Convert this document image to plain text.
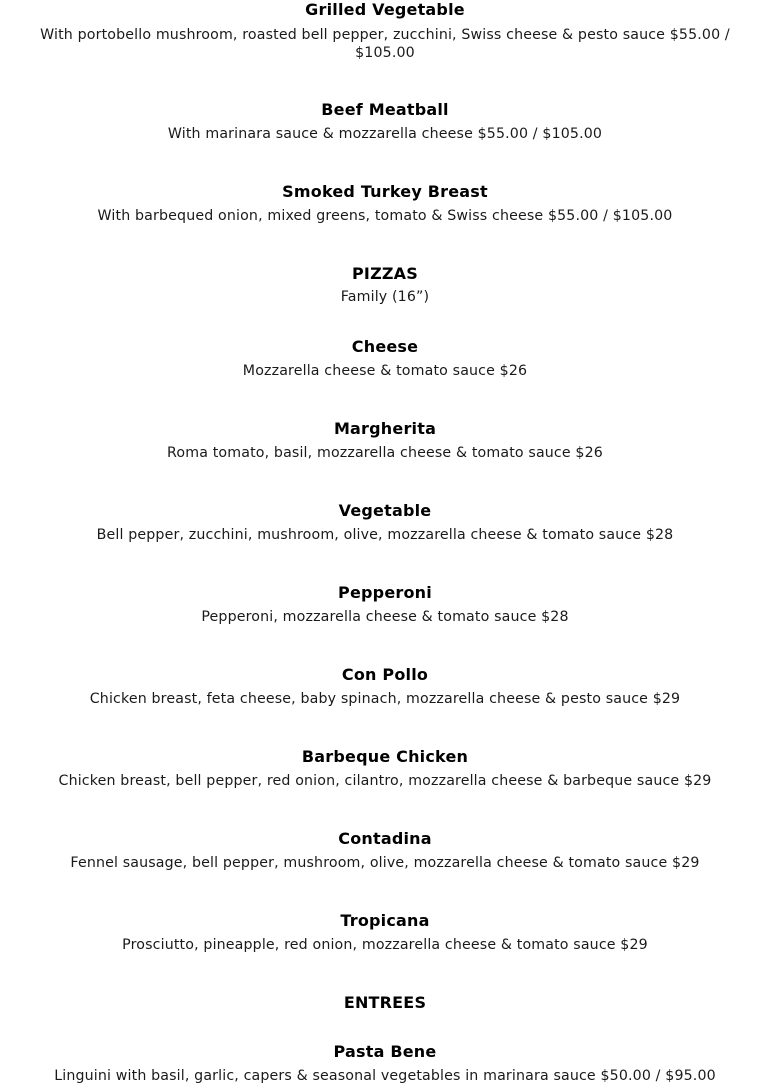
Grilled Vegetable
With portobello mushroom, roasted bell pepper, zucchini, Swiss cheese & pesto sauce $55.00 / $105.00
Beef Meatball
With marinara sauce & mozzarella cheese $55.00 / $105.00
Smoked Turkey Breast
With barbequed onion, mixed greens, tomato & Swiss cheese $55.00 / $105.00
PIZZAS
Family (16”)
Cheese
Mozzarella cheese & tomato sauce $26
Margherita
Roma tomato, basil, mozzarella cheese & tomato sauce $26
Vegetable
Bell pepper, zucchini, mushroom, olive, mozzarella cheese & tomato sauce $28
Pepperoni
Pepperoni, mozzarella cheese & tomato sauce $28
Con Pollo
Chicken breast, feta cheese, baby spinach, mozzarella cheese & pesto sauce $29
Barbeque Chicken
Chicken breast, bell pepper, red onion, cilantro, mozzarella cheese & barbeque sauce $29
Contadina
Fennel sausage, bell pepper, mushroom, olive, mozzarella cheese & tomato sauce $29
Tropicana
Prosciutto, pineapple, red onion, mozzarella cheese & tomato sauce $29
ENTREES
Pasta Bene
Linguini with basil, garlic, capers & seasonal vegetables in marinara sauce $50.00 / $95.00
